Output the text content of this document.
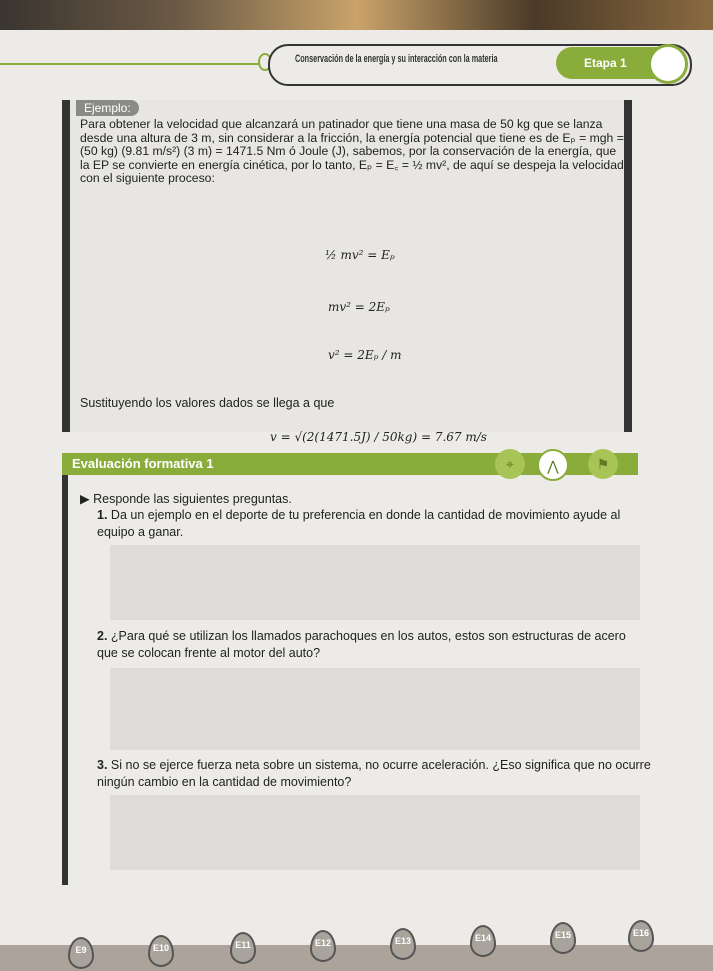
Conservación de la energía y su interacción con la materia	Etapa 1
Ejemplo:
Para obtener la velocidad que alcanzará un patinador que tiene una masa de 50 kg que se lanza desde una altura de 3 m, sin considerar a la fricción, la energía potencial que tiene es de Eₚ = mgh = (50 kg) (9.81 m/s²) (3 m) = 1471.5 Nm ó Joule (J), sabemos, por la conservación de la energía, que la EP se convierte en energía cinética, por lo tanto, Eₚ = E꜀ = ½ mv², de aquí se despeja la velocidad con el siguiente proceso:
½ mv² = Eₚ
mv² = 2Eₚ
v² = 2Eₚ / m
Sustituyendo los valores dados se llega a que
v = √(2(1471.5J) / 50kg) = 7.67 m/s
Evaluación formativa 1	⌖	⋀	⚑
▶ Responde las siguientes preguntas.
1. Da un ejemplo en el deporte de tu preferencia en donde la cantidad de movimiento ayude al equipo a ganar.
2. ¿Para qué se utilizan los llamados parachoques en los autos, estos son estructuras de acero que se colocan frente al motor del auto?
3. Si no se ejerce fuerza neta sobre un sistema, no ocurre aceleración. ¿Eso significa que no ocurre ningún cambio en la cantidad de movimiento?
E9	E10	E11	E12	E13	E14	E15	E16
